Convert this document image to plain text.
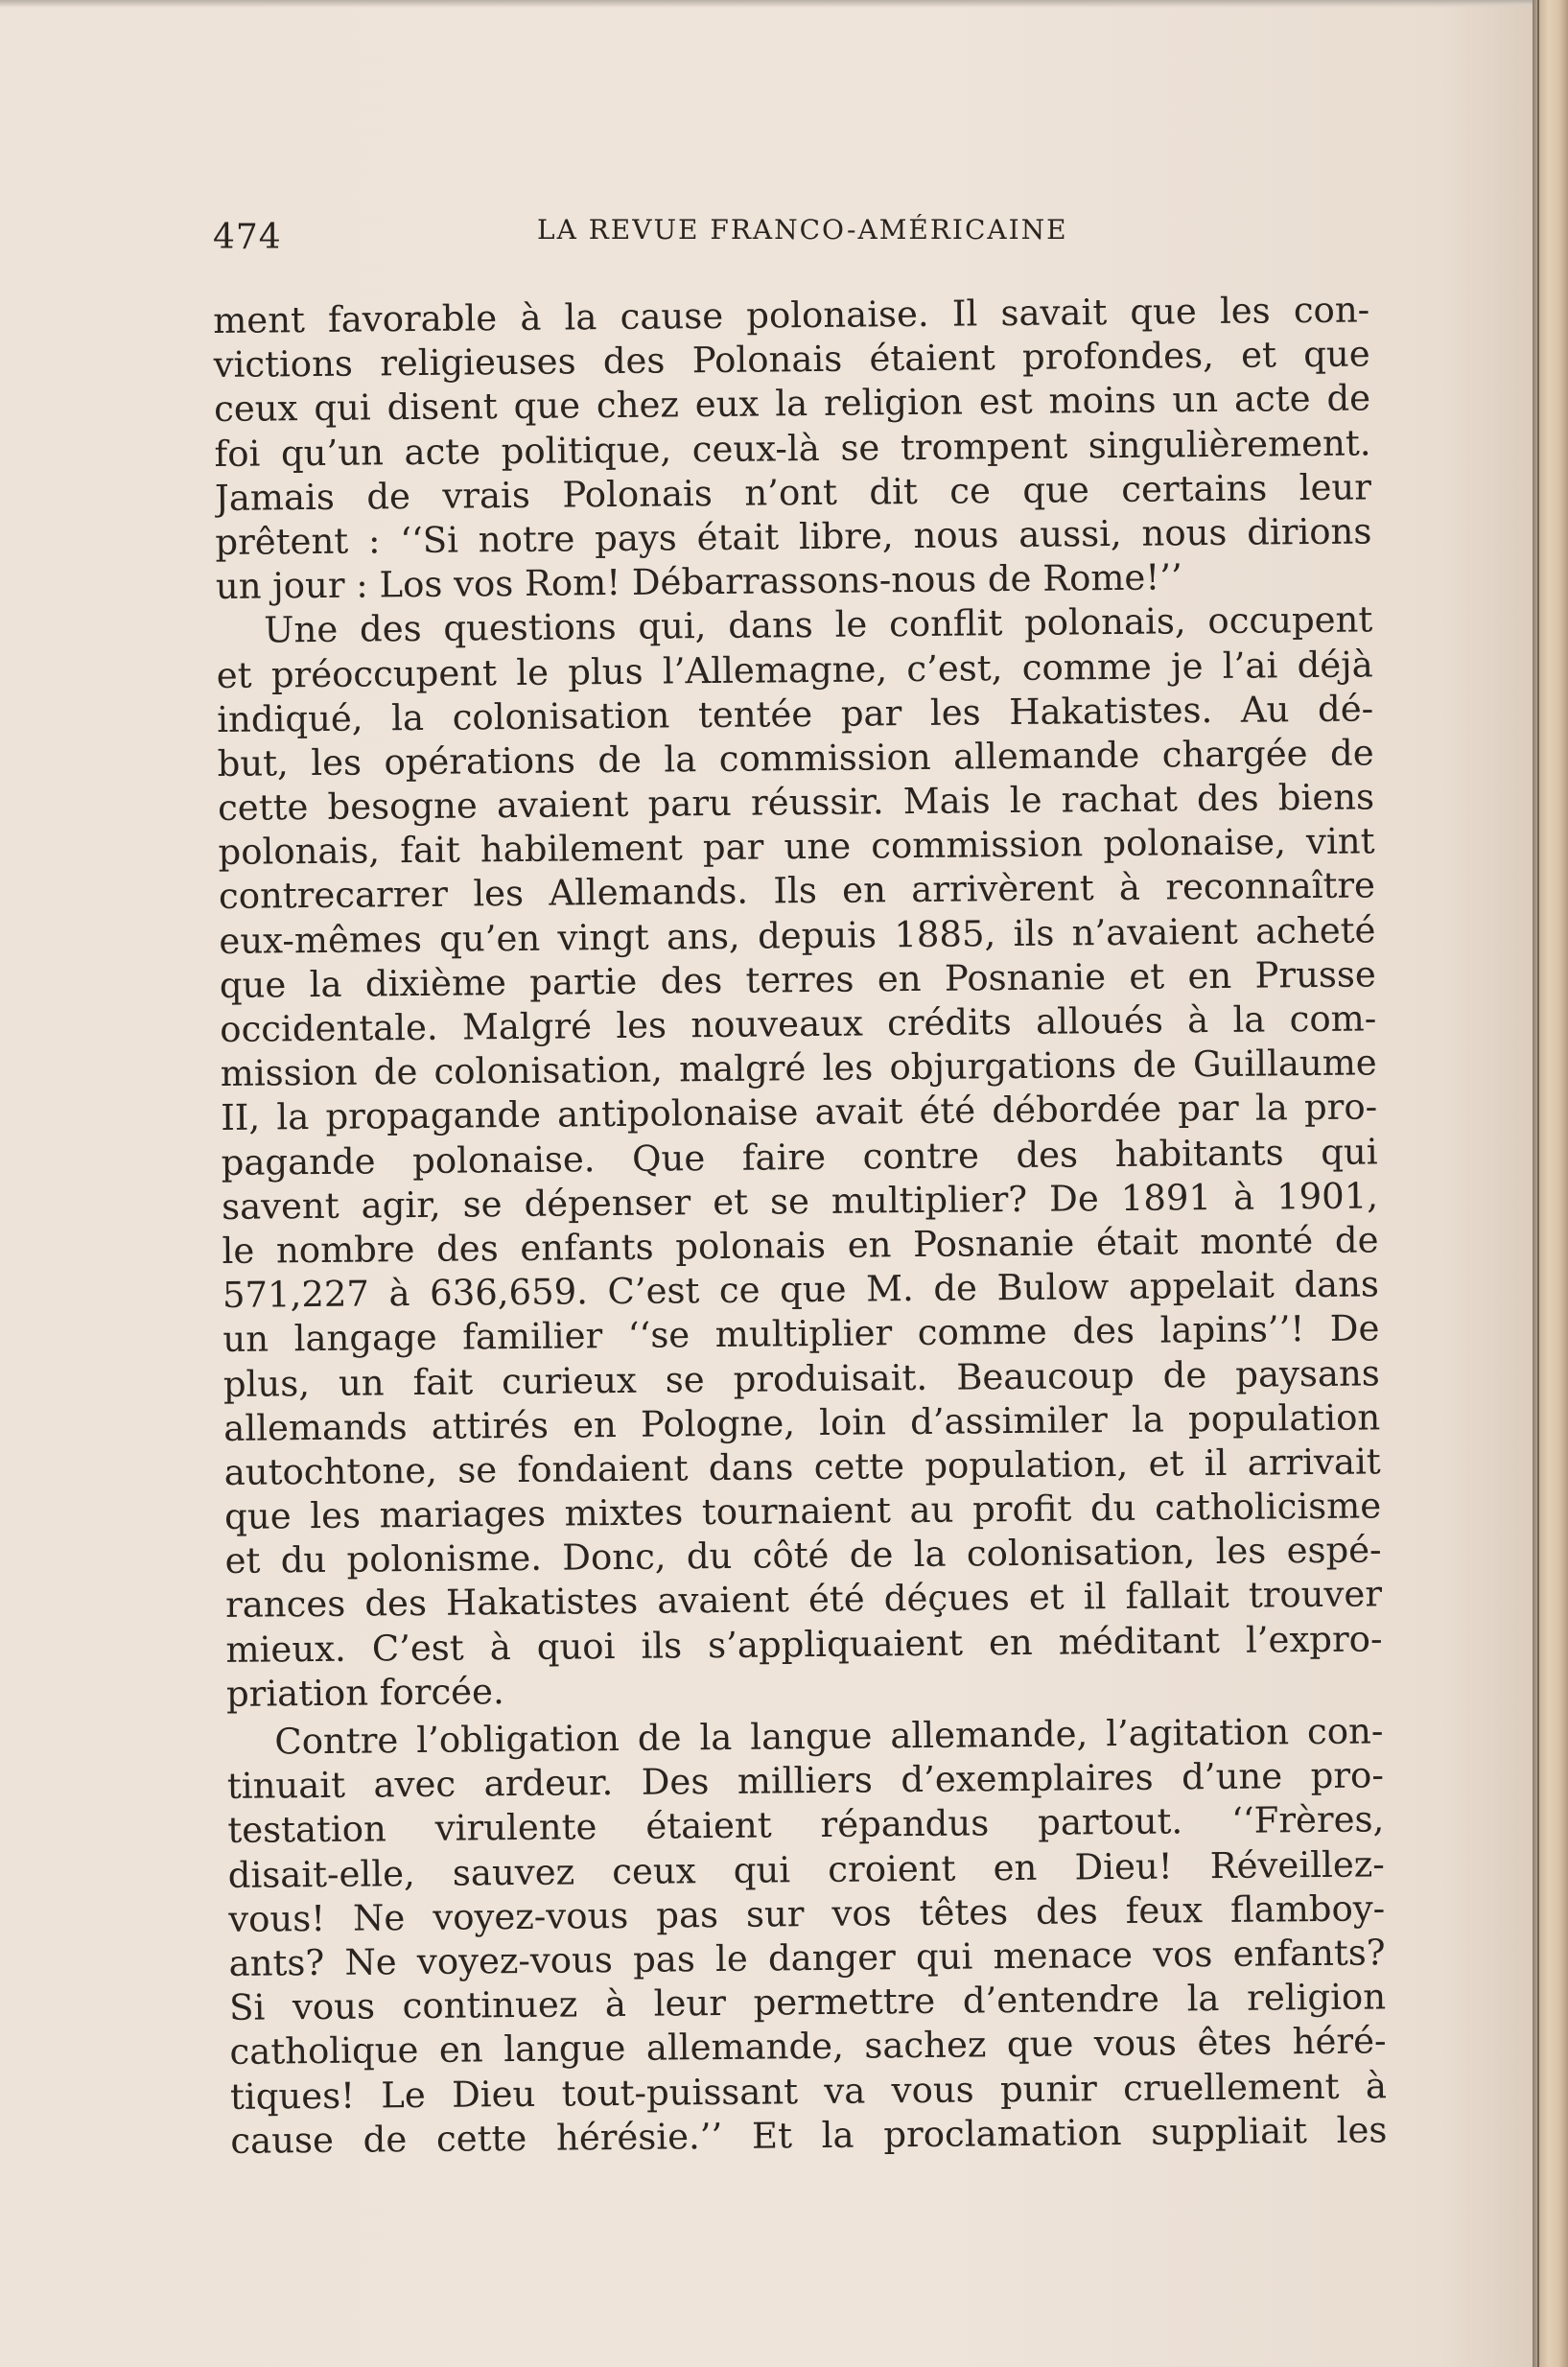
474	LA REVUE FRANCO-AMÉRICAINE
ment favorable à la cause polonaise. Il savait que les con-
victions religieuses des Polonais étaient profondes, et que
ceux qui disent que chez eux la religion est moins un acte de
foi qu’un acte politique, ceux-là se trompent singulièrement.
Jamais de vrais Polonais n’ont dit ce que certains leur
prêtent : ‘‘Si notre pays était libre, nous aussi, nous dirions
un jour : Los vos Rom! Débarrassons-nous de Rome!’’
Une des questions qui, dans le conflit polonais, occupent
et préoccupent le plus l’Allemagne, c’est, comme je l’ai déjà
indiqué, la colonisation tentée par les Hakatistes. Au dé-
but, les opérations de la commission allemande chargée de
cette besogne avaient paru réussir. Mais le rachat des biens
polonais, fait habilement par une commission polonaise, vint
contrecarrer les Allemands. Ils en arrivèrent à reconnaître
eux-mêmes qu’en vingt ans, depuis 1885, ils n’avaient acheté
que la dixième partie des terres en Posnanie et en Prusse
occidentale. Malgré les nouveaux crédits alloués à la com-
mission de colonisation, malgré les objurgations de Guillaume
II, la propagande antipolonaise avait été débordée par la pro-
pagande polonaise. Que faire contre des habitants qui
savent agir, se dépenser et se multiplier? De 1891 à 1901,
le nombre des enfants polonais en Posnanie était monté de
571,227 à 636,659. C’est ce que M. de Bulow appelait dans
un langage familier ‘‘se multiplier comme des lapins’’! De
plus, un fait curieux se produisait. Beaucoup de paysans
allemands attirés en Pologne, loin d’assimiler la population
autochtone, se fondaient dans cette population, et il arrivait
que les mariages mixtes tournaient au profit du catholicisme
et du polonisme. Donc, du côté de la colonisation, les espé-
rances des Hakatistes avaient été déçues et il fallait trouver
mieux. C’est à quoi ils s’appliquaient en méditant l’expro-
priation forcée.
Contre l’obligation de la langue allemande, l’agitation con-
tinuait avec ardeur. Des milliers d’exemplaires d’une pro-
testation virulente étaient répandus partout. ‘‘Frères,
disait-elle, sauvez ceux qui croient en Dieu! Réveillez-
vous! Ne voyez-vous pas sur vos têtes des feux flamboy-
ants? Ne voyez-vous pas le danger qui menace vos enfants?
Si vous continuez à leur permettre d’entendre la religion
catholique en langue allemande, sachez que vous êtes héré-
tiques! Le Dieu tout-puissant va vous punir cruellement à
cause de cette hérésie.’’ Et la proclamation suppliait les
